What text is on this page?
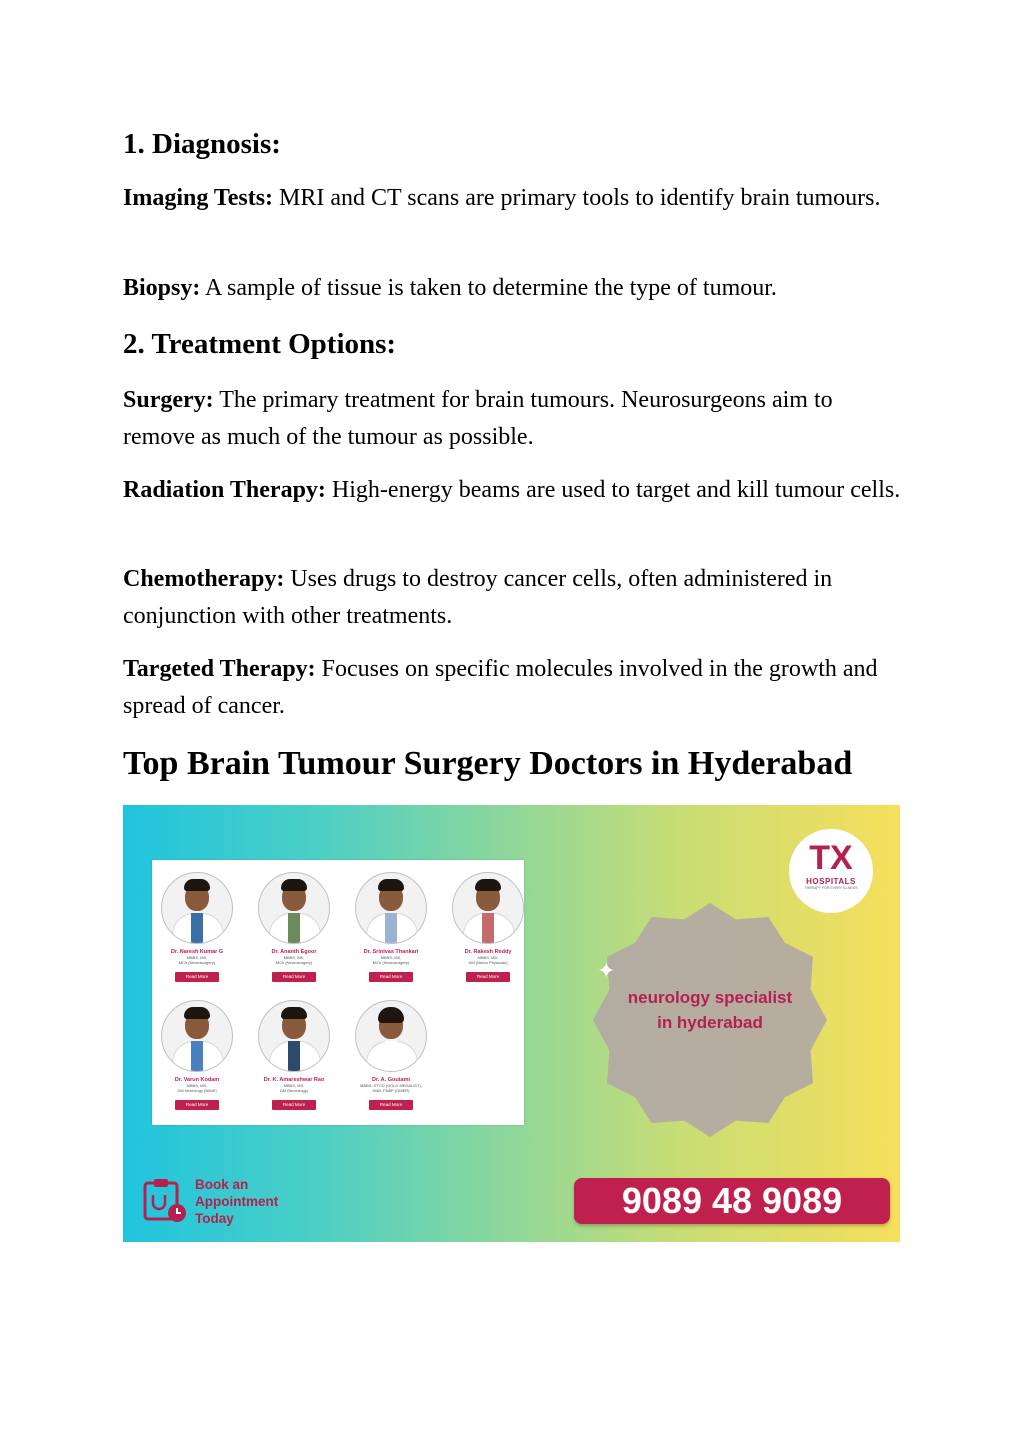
1. Diagnosis:

Imaging Tests: MRI and CT scans are primary tools to identify brain tumours.

Biopsy: A sample of tissue is taken to determine the type of tumour.

2. Treatment Options:

Surgery: The primary treatment for brain tumours. Neurosurgeons aim to remove as much of the tumour as possible.

Radiation Therapy: High-energy beams are used to target and kill tumour cells.

Chemotherapy: Uses drugs to destroy cancer cells, often administered in conjunction with other treatments.

Targeted Therapy: Focuses on specific molecules involved in the growth and spread of cancer.

Top Brain Tumour Surgery Doctors in Hyderabad
Dr. Naresh Kumar G
MBBS, MS,
MCh (Neurosurgery)
Read More
Dr. Ananth Egoor
MBBS, MS,
MCh (Neurosurgery)
Read More
Dr. Srinivas Thankari
MBBS, MS,
MCh (Neurosurgery)
Read More
Dr. Rakesh Reddy
MBBS, MD,
DM (Neuro Physician)
Read More
Dr. Varun Kodam
MBBS, MD,
DM Neurology (NIMS)
Read More
Dr. K. Amareshwar Rao
MBBS, MD,
DM (Neurology)
Read More
Dr. A. Goutami
MBBS, DTCD (GOLD MEDALIST),
DNB, FNBP (GMER)
Read More
TX
HOSPITALS
THERAPY FOR EVERY ILLNESS
✦
neurology specialist
in hyderabad
Book an
Appointment
Today	9089 48 9089
